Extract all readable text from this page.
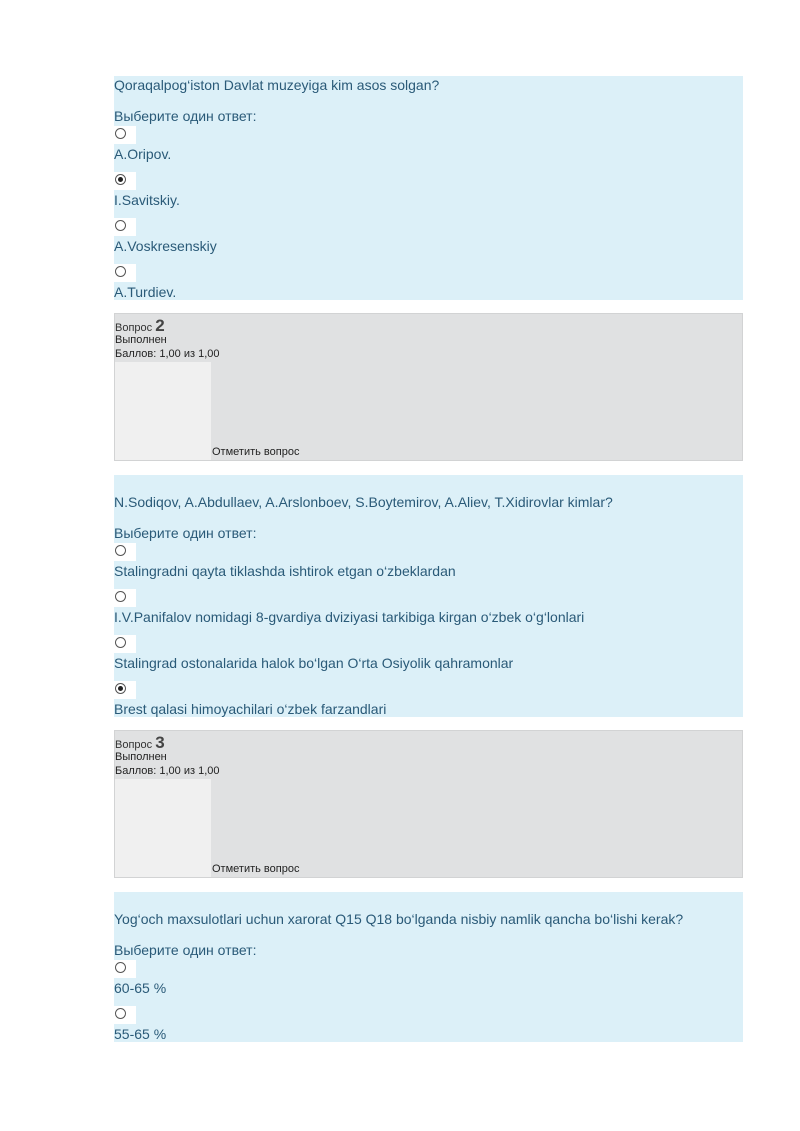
Qoraqalpog‘iston Davlat muzeyiga kim asos solgan?
Выберите один ответ:
A.Oripov.
I.Savitskiy.
A.Voskresenskiy
A.Turdiev.
Вопрос 2
Выполнен
Баллов: 1,00 из 1,00
Отметить вопрос
N.Sodiqov, A.Abdullaev, A.Arslonboev, S.Boytemirov, A.Aliev, T.Xidirovlar kimlar?
Выберите один ответ:
Stalingradni qayta tiklashda ishtirok etgan o‘zbeklardan
I.V.Panifalov nomidagi 8-gvardiya dviziyasi tarkibiga kirgan o‘zbek o‘g‘lonlari
Stalingrad ostonalarida halok bo‘lgan O‘rta Osiyolik qahramonlar
Brest qalasi himoyachilari o‘zbek farzandlari
Вопрос 3
Выполнен
Баллов: 1,00 из 1,00
Отметить вопрос
Yog‘och maxsulotlari uchun xarorat Q15 Q18 bo‘lganda nisbiy namlik qancha bo‘lishi kerak?
Выберите один ответ:
60-65 %
55-65 %
